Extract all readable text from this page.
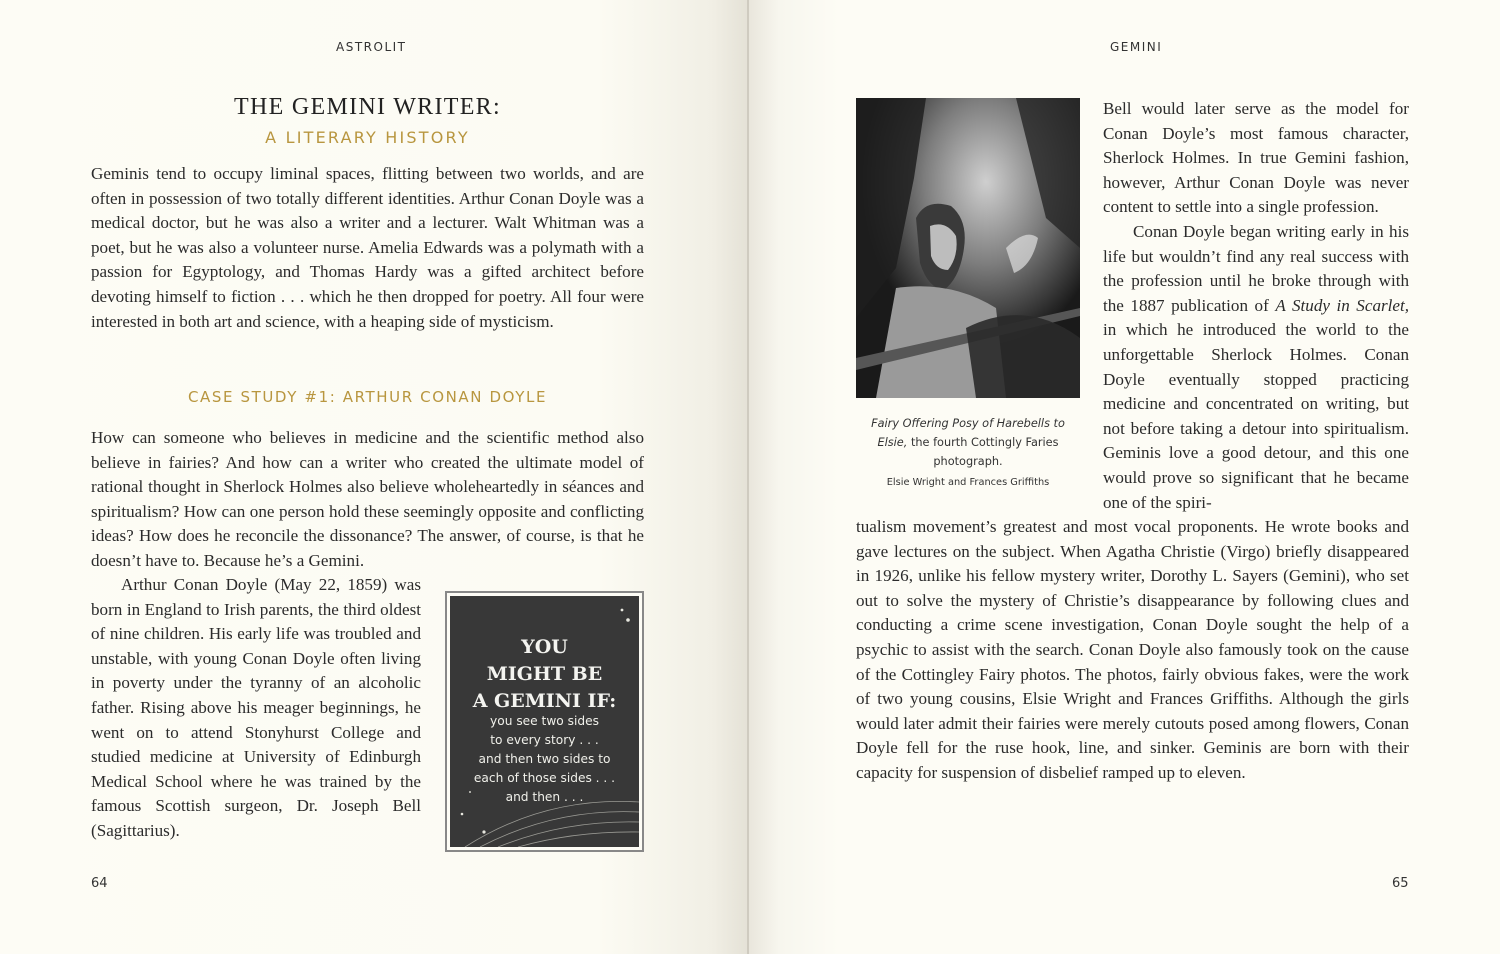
ASTROLIT
THE GEMINI WRITER:
A LITERARY HISTORY

Geminis tend to occupy liminal spaces, flitting between two worlds, and are often in possession of two totally different identities. Arthur Conan Doyle was a medical doctor, but he was also a writer and a lecturer. Walt Whitman was a poet, but he was also a volunteer nurse. Amelia Edwards was a polymath with a passion for Egyptology, and Thomas Hardy was a gifted architect before devoting himself to fiction . . . which he then dropped for poetry. All four were interested in both art and science, with a heaping side of mysticism.

CASE STUDY #1: ARTHUR CONAN DOYLE

How can someone who believes in medicine and the scientific method also believe in fairies? And how can a writer who created the ultimate model of rational thought in Sherlock Holmes also believe wholeheartedly in séances and spiritualism? How can one person hold these seemingly opposite and conflicting ideas? How does he reconcile the dissonance? The answer, of course, is that he doesn’t have to. Because he’s a Gemini.

Arthur Conan Doyle (May 22, 1859) was born in England to Irish parents, the third oldest of nine children. His early life was troubled and unstable, with young Conan Doyle often living in poverty under the tyranny of an alcoholic father. Rising above his meager beginnings, he went on to attend Stonyhurst College and studied medicine at University of Edinburgh Medical School where he was trained by the famous Scottish surgeon, Dr. Joseph Bell (Sagittarius).

YOU
MIGHT BE
A GEMINI IF:
you see two sides
to every story . . .
and then two sides to
each of those sides . . .
and then . . .
64
GEMINI
65

Fairy Offering Posy of Harebells to Elsie, the fourth Cottingly Faries photograph.

Elsie Wright and Frances Griffiths

Bell would later serve as the model for Conan Doyle’s most famous character, Sherlock Holmes. In true Gemini fashion, however, Arthur Conan Doyle was never content to settle into a single profession.

Conan Doyle began writing early in his life but wouldn’t find any real success with the profession until he broke through with the 1887 publication of A Study in Scarlet, in which he introduced the world to the unforgettable Sherlock Holmes. Conan Doyle eventually stopped practicing medicine and concentrated on writing, but not before taking a detour into spiritualism. Geminis love a good detour, and this one would prove so significant that he became one of the spiri-

tualism movement’s greatest and most vocal proponents. He wrote books and gave lectures on the subject. When Agatha Christie (Virgo) briefly disappeared in 1926, unlike his fellow mystery writer, Dorothy L. Sayers (Gemini), who set out to solve the mystery of Christie’s disappearance by following clues and conducting a crime scene investigation, Conan Doyle sought the help of a psychic to assist with the search. Conan Doyle also famously took on the cause of the Cottingley Fairy photos. The photos, fairly obvious fakes, were the work of two young cousins, Elsie Wright and Frances Griffiths. Although the girls would later admit their fairies were merely cutouts posed among flowers, Conan Doyle fell for the ruse hook, line, and sinker. Geminis are born with their capacity for suspension of disbelief ramped up to eleven.
